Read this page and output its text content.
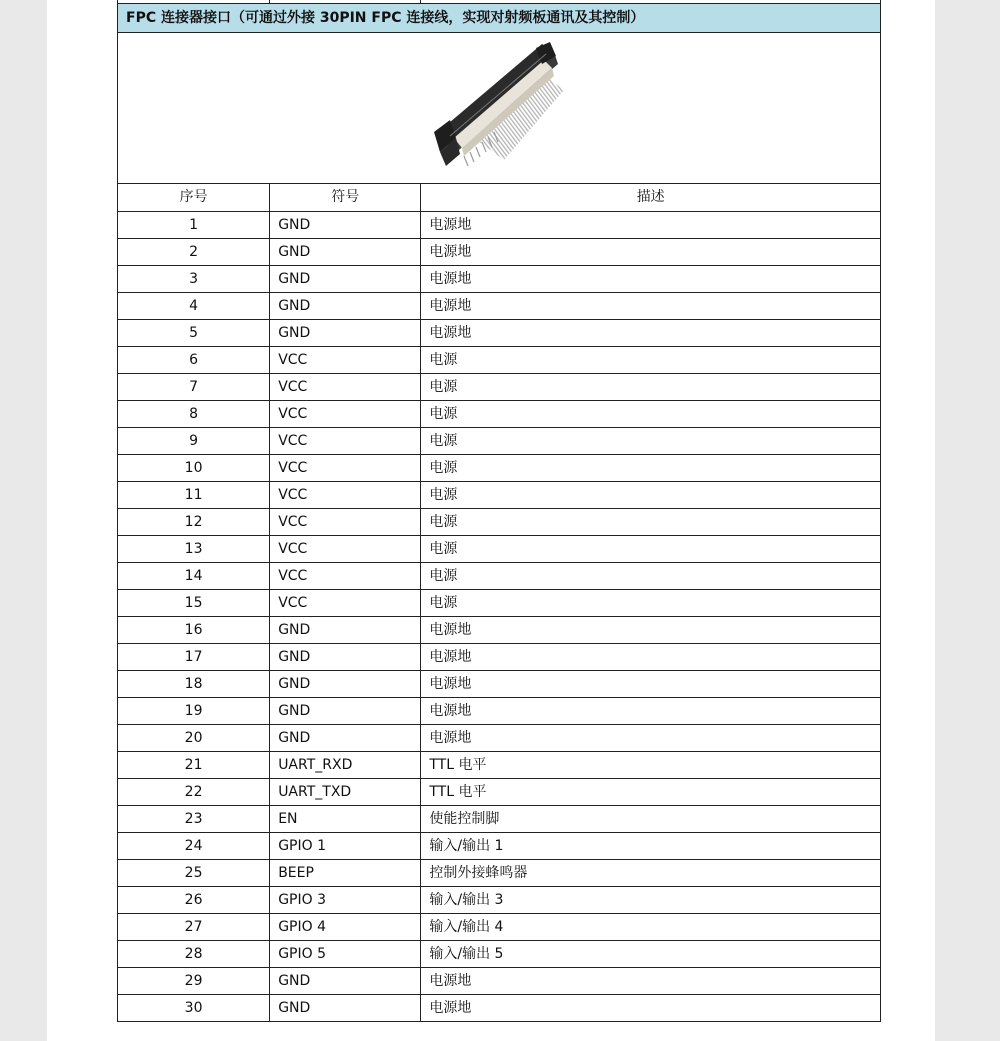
FPC 连接器接口（可通过外接 30PIN FPC 连接线，实现对射频板通讯及其控制）		

序号	符号	描述
1	GND	电源地
2	GND	电源地
3	GND	电源地
4	GND	电源地
5	GND	电源地
6	VCC	电源
7	VCC	电源
8	VCC	电源
9	VCC	电源
10	VCC	电源
11	VCC	电源
12	VCC	电源
13	VCC	电源
14	VCC	电源
15	VCC	电源
16	GND	电源地
17	GND	电源地
18	GND	电源地
19	GND	电源地
20	GND	电源地
21	UART_RXD	TTL 电平
22	UART_TXD	TTL 电平
23	EN	使能控制脚
24	GPIO 1	输入/输出 1
25	BEEP	控制外接蜂鸣器
26	GPIO 3	输入/输出 3
27	GPIO 4	输入/输出 4
28	GPIO 5	输入/输出 5
29	GND	电源地
30	GND	电源地
